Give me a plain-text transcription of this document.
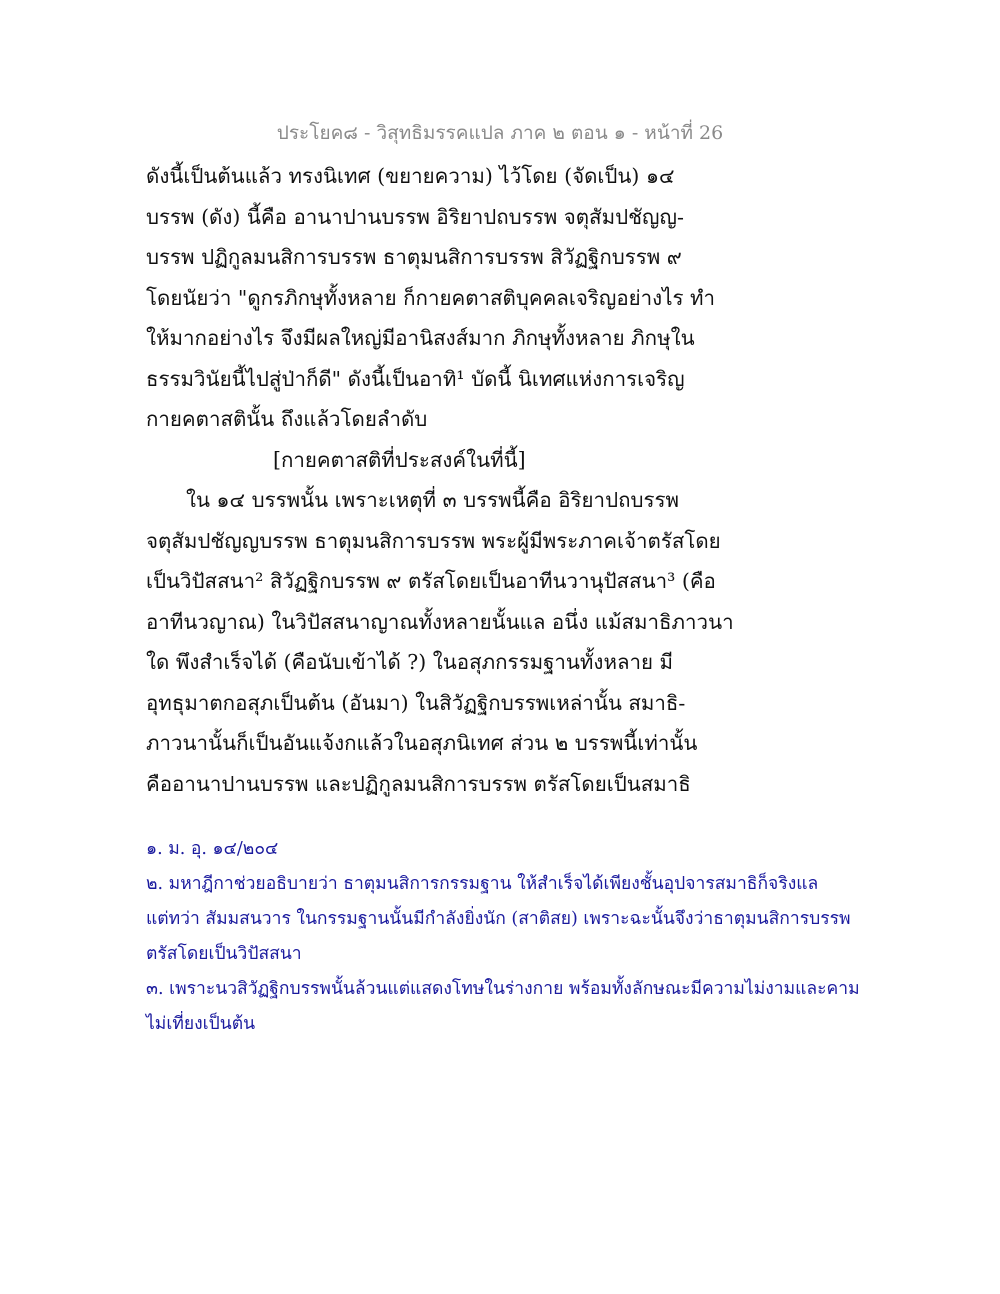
ประโยค๘ - วิสุทธิมรรคแปล ภาค ๒ ตอน ๑ - หน้าที่ 26
ดังนี้เป็นต้นแล้ว ทรงนิเทศ (ขยายความ) ไว้โดย (จัดเป็น) ๑๔
บรรพ (ดัง) นี้คือ อานาปานบรรพ อิริยาปถบรรพ จตุสัมปชัญญ-
บรรพ ปฏิกูลมนสิการบรรพ ธาตุมนสิการบรรพ สิวัฏฐิกบรรพ ๙
โดยนัยว่า "ดูกรภิกษุทั้งหลาย ก็กายคตาสติบุคคลเจริญอย่างไร ทำ
ให้มากอย่างไร จึงมีผลใหญ่มีอานิสงส์มาก ภิกษุทั้งหลาย ภิกษุใน
ธรรมวินัยนี้ไปสู่ป่าก็ดี" ดังนี้เป็นอาทิ¹ บัดนี้ นิเทศแห่งการเจริญ
กายคตาสตินั้น ถึงแล้วโดยลำดับ
[กายคตาสติที่ประสงค์ในที่นี้]
ใน ๑๔ บรรพนั้น เพราะเหตุที่ ๓ บรรพนี้คือ อิริยาปถบรรพ
จตุสัมปชัญญบรรพ ธาตุมนสิการบรรพ พระผู้มีพระภาคเจ้าตรัสโดย
เป็นวิปัสสนา² สิวัฏฐิกบรรพ ๙ ตรัสโดยเป็นอาทีนวานุปัสสนา³ (คือ
อาทีนวญาณ) ในวิปัสสนาญาณทั้งหลายนั้นแล อนึ่ง แม้สมาธิภาวนา
ใด พึงสำเร็จได้ (คือนับเข้าได้ ?) ในอสุภกรรมฐานทั้งหลาย มี
อุทธุมาตกอสุภเป็นต้น (อันมา) ในสิวัฏฐิกบรรพเหล่านั้น สมาธิ-
ภาวนานั้นก็เป็นอันแจ้งกแล้วในอสุภนิเทศ ส่วน ๒ บรรพนี้เท่านั้น
คืออานาปานบรรพ และปฏิกูลมนสิการบรรพ ตรัสโดยเป็นสมาธิ
๑. ม. อุ. ๑๔/๒๐๔
๒. มหาฎีกาช่วยอธิบายว่า ธาตุมนสิการกรรมฐาน ให้สำเร็จได้เพียงชั้นอุปจารสมาธิก็จริงแล
แต่ทว่า สัมมสนวาร ในกรรมฐานนั้นมีกำลังยิ่งนัก (สาติสย) เพราะฉะนั้นจึงว่าธาตุมนสิการบรรพ
ตรัสโดยเป็นวิปัสสนา
๓. เพราะนวสิวัฏฐิกบรรพนั้นล้วนแต่แสดงโทษในร่างกาย พร้อมทั้งลักษณะมีความไม่งามและคาม
ไม่เที่ยงเป็นต้น
